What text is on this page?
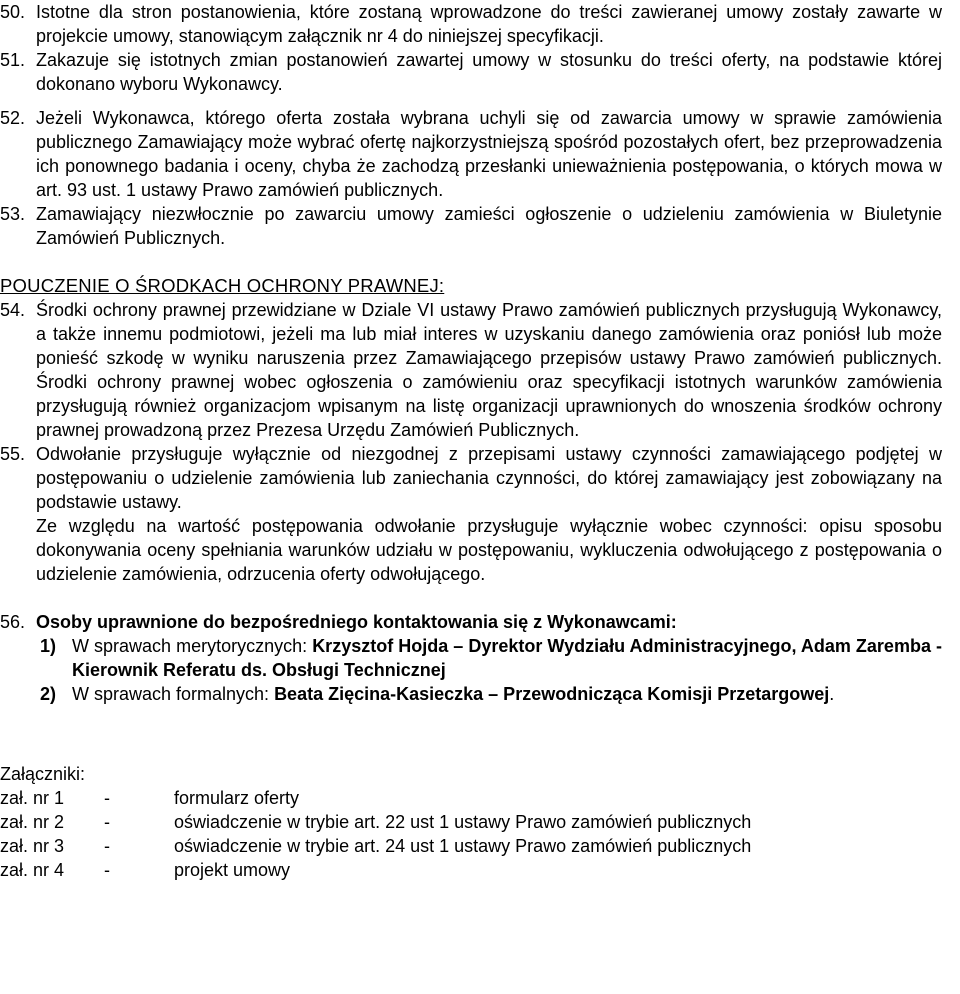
50. Istotne dla stron postanowienia, które zostaną wprowadzone do treści zawieranej umowy zostały zawarte w projekcie umowy, stanowiącym załącznik nr 4 do niniejszej specyfikacji.

51. Zakazuje się istotnych zmian postanowień zawartej umowy w stosunku do treści oferty, na podstawie której dokonano wyboru Wykonawcy.

52. Jeżeli Wykonawca, którego oferta została wybrana uchyli się od zawarcia umowy w sprawie zamówienia publicznego Zamawiający może wybrać ofertę najkorzystniejszą spośród pozostałych ofert, bez przeprowadzenia ich ponownego badania i oceny, chyba że zachodzą przesłanki unieważnienia postępowania, o których mowa w art. 93 ust. 1 ustawy Prawo zamówień publicznych.

53. Zamawiający niezwłocznie po zawarciu umowy zamieści ogłoszenie o udzieleniu zamówienia w Biuletynie Zamówień Publicznych.

POUCZENIE O ŚRODKACH OCHRONY PRAWNEJ:

54. Środki ochrony prawnej przewidziane w Dziale VI ustawy Prawo zamówień publicznych przysługują Wykonawcy, a także innemu podmiotowi, jeżeli ma lub miał interes w uzyskaniu danego zamówienia oraz poniósł lub może ponieść szkodę w wyniku naruszenia przez Zamawiającego przepisów ustawy Prawo zamówień publicznych. Środki ochrony prawnej wobec ogłoszenia o zamówieniu oraz specyfikacji istotnych warunków zamówienia przysługują również organizacjom wpisanym na listę organizacji uprawnionych do wnoszenia środków ochrony prawnej prowadzoną przez Prezesa Urzędu Zamówień Publicznych.

55. Odwołanie przysługuje wyłącznie od niezgodnej z przepisami ustawy czynności zamawiającego podjętej w postępowaniu o udzielenie zamówienia lub zaniechania czynności, do której zamawiający jest zobowiązany na podstawie ustawy.

Ze względu na wartość postępowania odwołanie przysługuje wyłącznie wobec czynności: opisu sposobu dokonywania oceny spełniania warunków udziału w postępowaniu, wykluczenia odwołującego z postępowania o udzielenie zamówienia, odrzucenia oferty odwołującego.

56. Osoby uprawnione do bezpośredniego kontaktowania się z Wykonawcami:

1) W sprawach merytorycznych: Krzysztof Hojda – Dyrektor Wydziału Administracyjnego, Adam Zaremba - Kierownik Referatu ds. Obsługi Technicznej

2) W sprawach formalnych: Beata Zięcina-Kasieczka – Przewodnicząca Komisji Przetargowej.

Załączniki:

zał. nr 1	-	formularz oferty
zał. nr 2	-	oświadczenie w trybie art. 22 ust 1 ustawy Prawo zamówień publicznych
zał. nr 3	-	oświadczenie w trybie art. 24 ust 1 ustawy Prawo zamówień publicznych
zał. nr 4	-	projekt umowy
